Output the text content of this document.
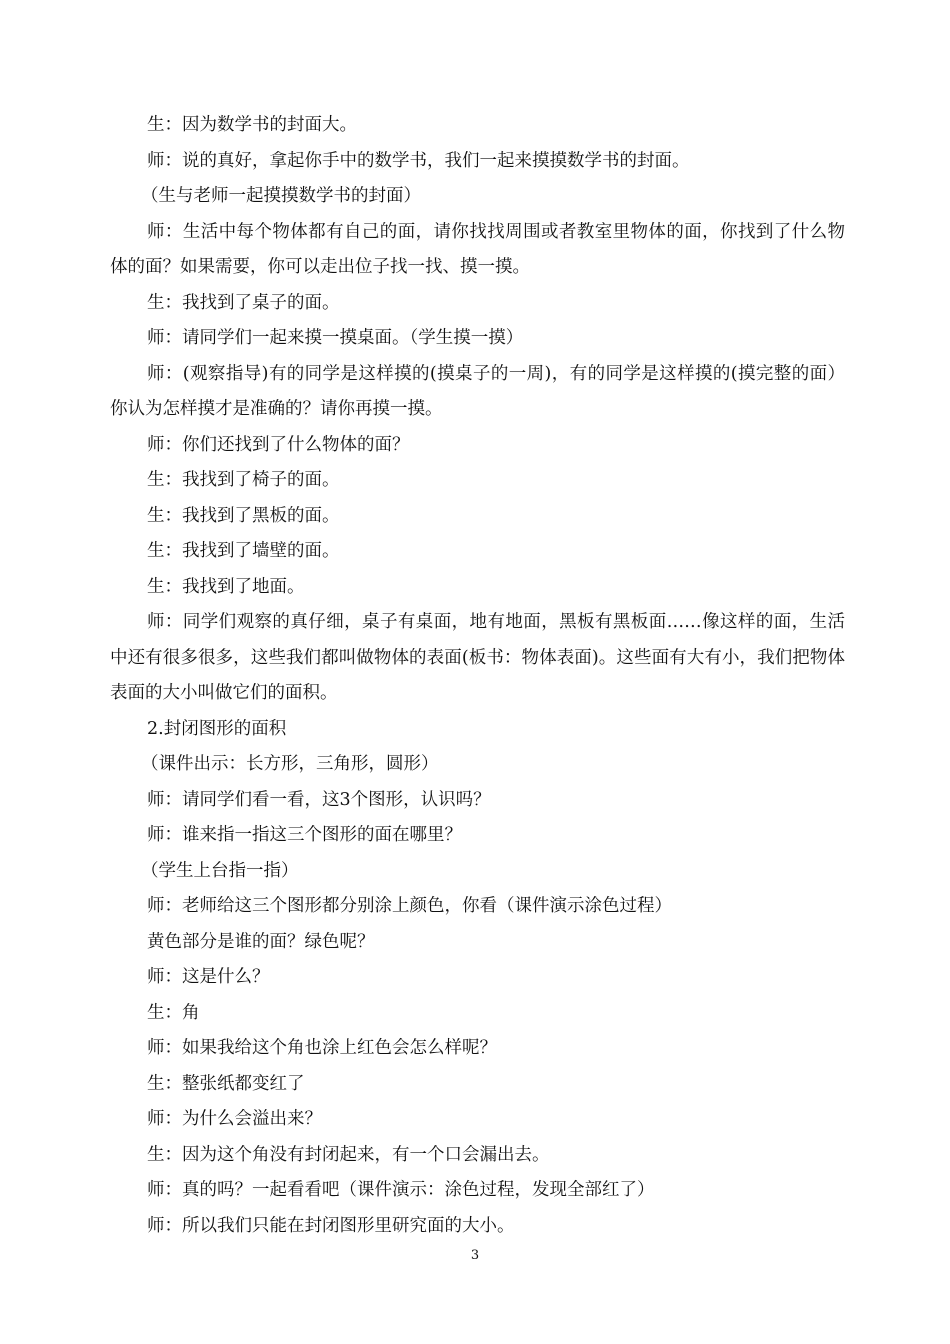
生：因为数学书的封面大。

师：说的真好，拿起你手中的数学书，我们一起来摸摸数学书的封面。

（生与老师一起摸摸数学书的封面）

师：生活中每个物体都有自己的面，请你找找周围或者教室里物体的面，你找到了什么物体的面？如果需要，你可以走出位子找一找、摸一摸。

生：我找到了桌子的面。

师：请同学们一起来摸一摸桌面。（学生摸一摸）

师：(观察指导)有的同学是这样摸的(摸桌子的一周)，有的同学是这样摸的(摸完整的面）你认为怎样摸才是准确的？请你再摸一摸。

师：你们还找到了什么物体的面？

生：我找到了椅子的面。

生：我找到了黑板的面。

生：我找到了墙壁的面。

生：我找到了地面。

师：同学们观察的真仔细，桌子有桌面，地有地面，黑板有黑板面……像这样的面，生活中还有很多很多，这些我们都叫做物体的表面(板书：物体表面)。这些面有大有小，我们把物体表面的大小叫做它们的面积。

2.封闭图形的面积

（课件出示：长方形，三角形，圆形）

师：请同学们看一看，这3个图形，认识吗？

师：谁来指一指这三个图形的面在哪里？

（学生上台指一指）

师：老师给这三个图形都分别涂上颜色，你看（课件演示涂色过程）

黄色部分是谁的面？绿色呢？

师：这是什么？

生：角

师：如果我给这个角也涂上红色会怎么样呢？

生：整张纸都变红了

师：为什么会溢出来？

生：因为这个角没有封闭起来，有一个口会漏出去。

师：真的吗？一起看看吧（课件演示：涂色过程，发现全部红了）

师：所以我们只能在封闭图形里研究面的大小。

3
